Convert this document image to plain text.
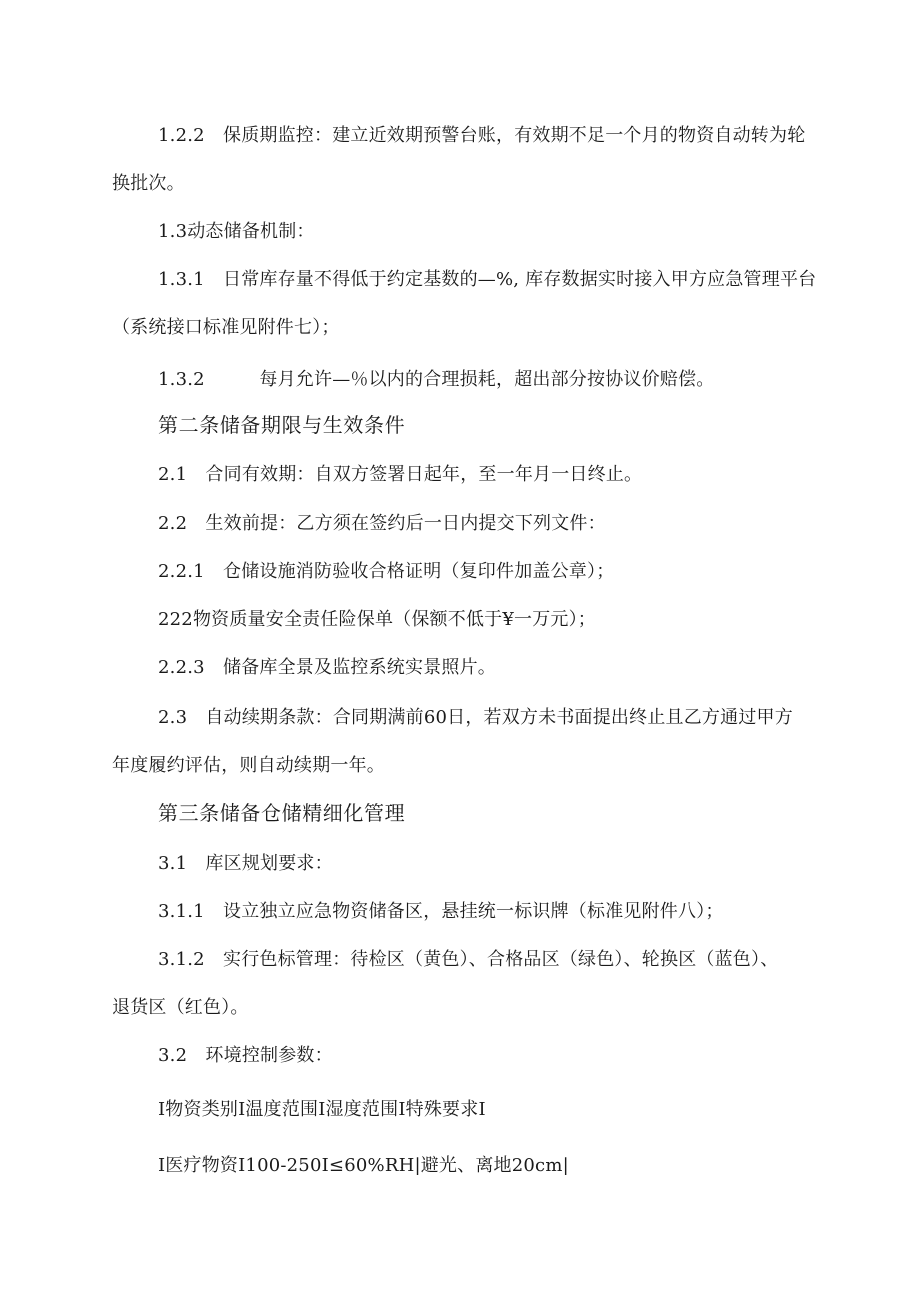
1.2.2　保质期监控：建立近效期预警台账，有效期不足一个月的物资自动转为轮
换批次。
1.3动态储备机制：
1.3.1　日常库存量不得低于约定基数的—%, 库存数据实时接入甲方应急管理平台
（系统接口标准见附件七）；
1.3.2　　　每月允许—％以内的合理损耗，超出部分按协议价赔偿。
第二条储备期限与生效条件
2.1　合同有效期：自双方签署日起年，至一年月一日终止。
2.2　生效前提：乙方须在签约后一日内提交下列文件：
2.2.1　仓储设施消防验收合格证明（复印件加盖公章）；
222物资质量安全责任险保单（保额不低于¥一万元）；
2.2.3　储备库全景及监控系统实景照片。
2.3　自动续期条款：合同期满前60日，若双方未书面提出终止且乙方通过甲方
年度履约评估，则自动续期一年。
第三条储备仓储精细化管理
3.1　库区规划要求：
3.1.1　设立独立应急物资储备区，悬挂统一标识牌（标准见附件八）；
3.1.2　实行色标管理：待检区（黄色）、合格品区（绿色）、轮换区（蓝色）、
退货区（红色）。
3.2　环境控制参数：
I物资类别I温度范围I湿度范围I特殊要求I
I医疗物资I100-250I≤60%RH|避光、离地20cm|
